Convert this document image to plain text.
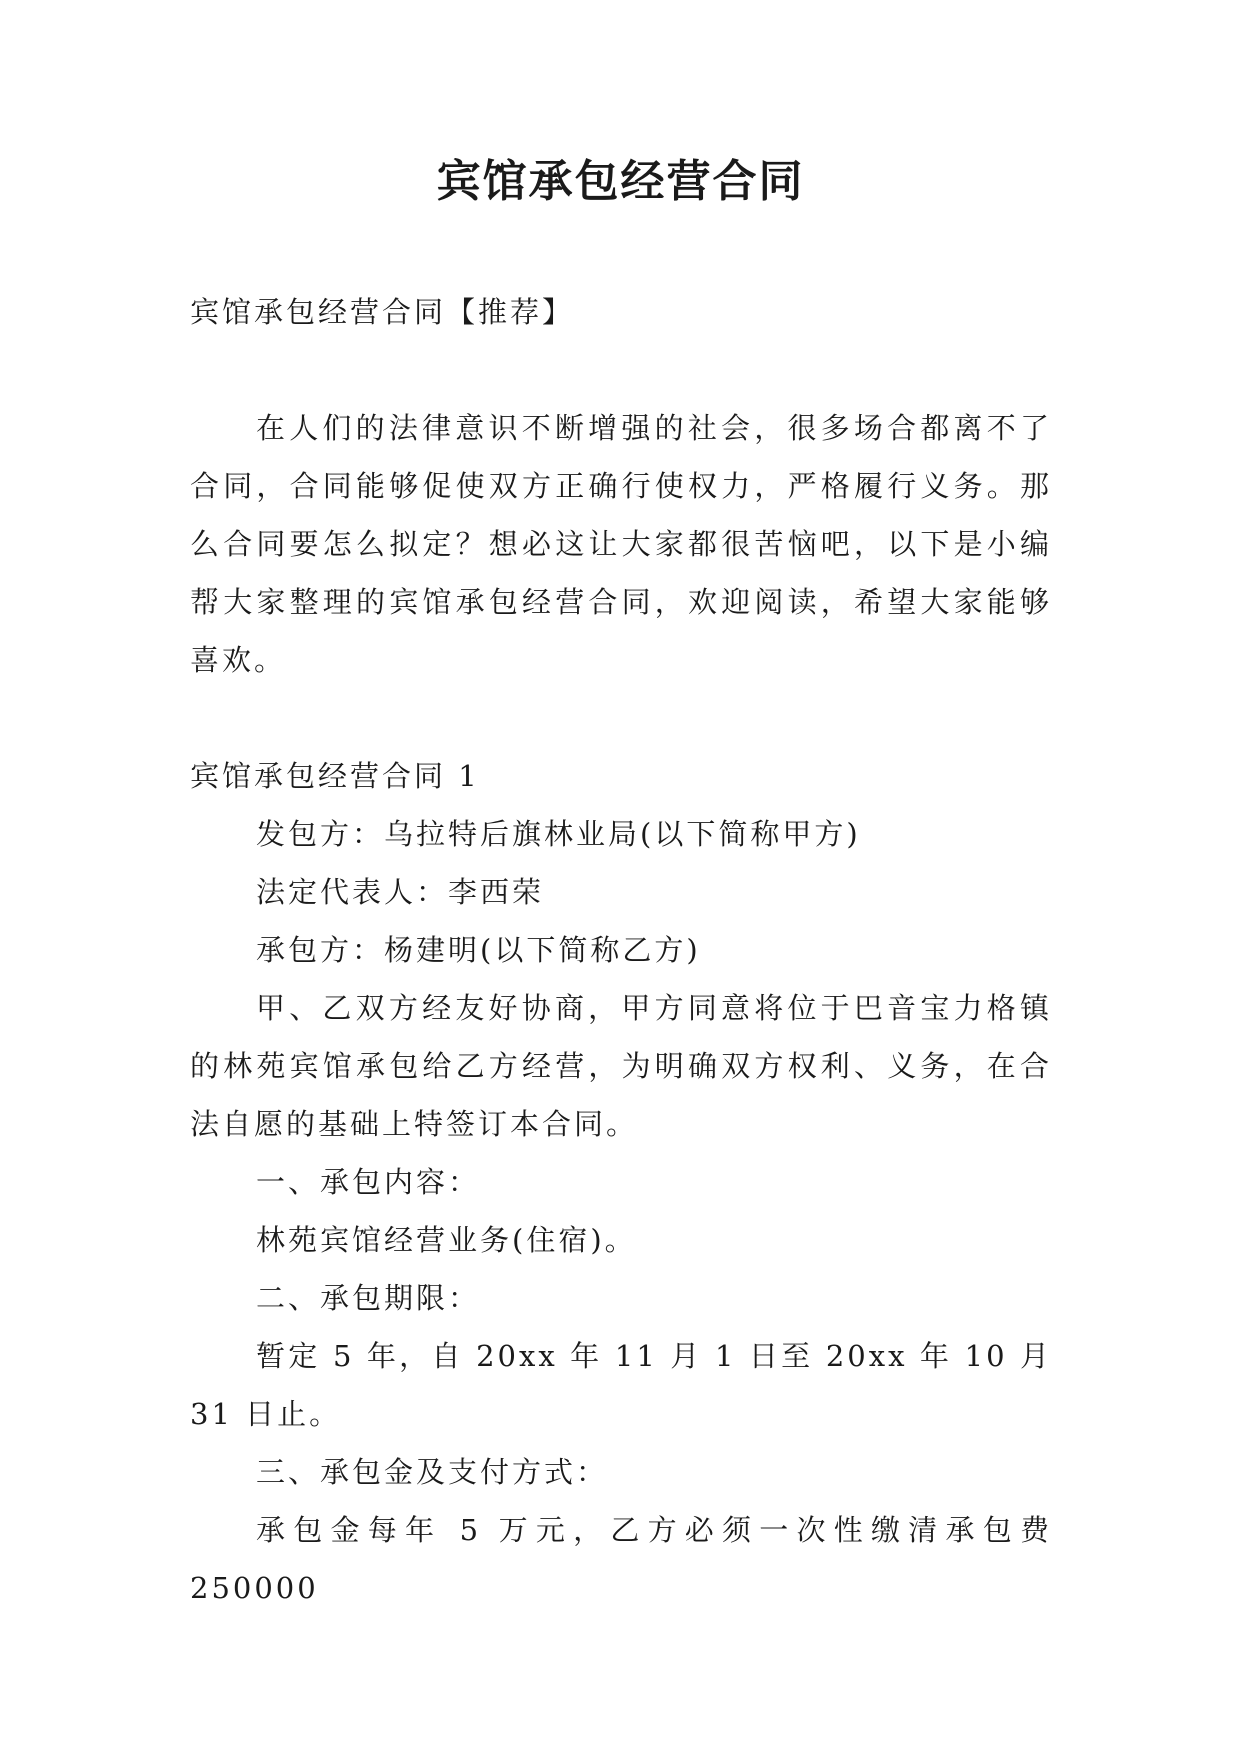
宾馆承包经营合同
宾馆承包经营合同【推荐】

在人们的法律意识不断增强的社会，很多场合都离不了合同，合同能够促使双方正确行使权力，严格履行义务。那么合同要怎么拟定？想必这让大家都很苦恼吧，以下是小编帮大家整理的宾馆承包经营合同，欢迎阅读，希望大家能够喜欢。

宾馆承包经营合同 1

发包方：乌拉特后旗林业局(以下简称甲方)

法定代表人：李西荣

承包方：杨建明(以下简称乙方)

甲、乙双方经友好协商，甲方同意将位于巴音宝力格镇的林苑宾馆承包给乙方经营，为明确双方权利、义务，在合法自愿的基础上特签订本合同。

一、承包内容：

林苑宾馆经营业务(住宿)。

二、承包期限：

暂定 5 年，自 20xx 年 11 月 1 日至 20xx 年 10 月 31 日止。

三、承包金及支付方式：

承包金每年 5 万元，乙方必须一次性缴清承包费 250000
